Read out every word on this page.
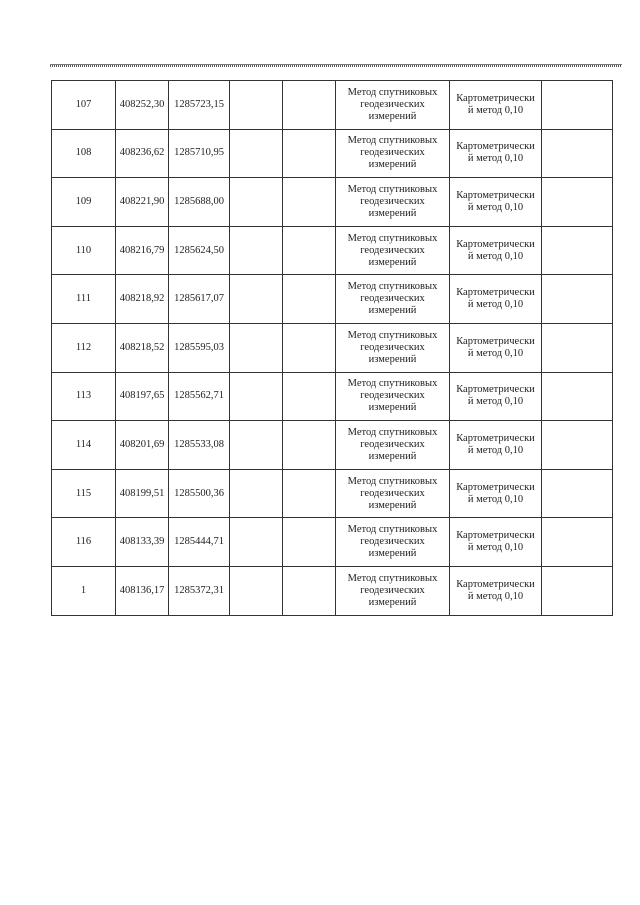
107	408252,30	1285723,15			Метод спутниковых
геодезических
измерений	Картометрически
й метод 0,10	

108	408236,62	1285710,95			Метод спутниковых
геодезических
измерений	Картометрически
й метод 0,10	

109	408221,90	1285688,00			Метод спутниковых
геодезических
измерений	Картометрически
й метод 0,10	

110	408216,79	1285624,50			Метод спутниковых
геодезических
измерений	Картометрически
й метод 0,10	

111	408218,92	1285617,07			Метод спутниковых
геодезических
измерений	Картометрически
й метод 0,10	

112	408218,52	1285595,03			Метод спутниковых
геодезических
измерений	Картометрически
й метод 0,10	

113	408197,65	1285562,71			Метод спутниковых
геодезических
измерений	Картометрически
й метод 0,10	

114	408201,69	1285533,08			Метод спутниковых
геодезических
измерений	Картометрически
й метод 0,10	

115	408199,51	1285500,36			Метод спутниковых
геодезических
измерений	Картометрически
й метод 0,10	

116	408133,39	1285444,71			Метод спутниковых
геодезических
измерений	Картометрически
й метод 0,10	

1	408136,17	1285372,31			Метод спутниковых
геодезических
измерений	Картометрически
й метод 0,10	
